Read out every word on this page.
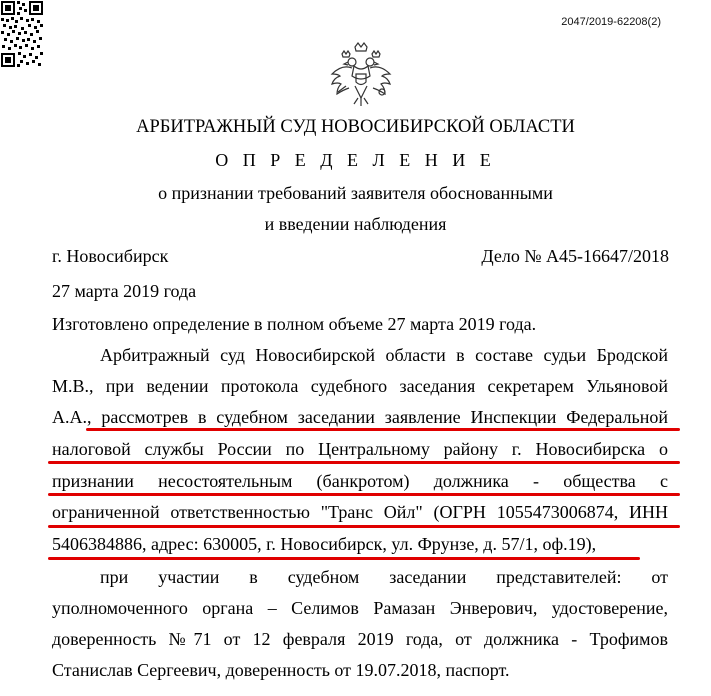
2047/2019-62208(2)
АРБИТРАЖНЫЙ СУД НОВОСИБИРСКОЙ ОБЛАСТИ
О П Р Е Д Е Л Е Н И Е
о признании требований заявителя обоснованными
и введении наблюдения
г. Новосибирск	Дело № А45-16647/2018
27 марта 2019 года
Изготовлено определение в полном объеме 27 марта 2019 года.
Арбитражный суд Новосибирской области в составе судьи Бродской
М.В., при ведении протокола судебного заседания секретарем Ульяновой
А.А., рассмотрев в судебном заседании заявление Инспекции Федеральной
налоговой службы России по Центральному району г. Новосибирска о
признании несостоятельным (банкротом) должника - общества с
ограниченной ответственностью "Транс Ойл" (ОГРН 1055473006874, ИНН
5406384886, адрес: 630005, г. Новосибирск, ул. Фрунзе, д. 57/1, оф.19),
при участии в судебном заседании представителей: от
уполномоченного органа – Селимов Рамазан Энверович, удостоверение,
доверенность №71 от 12 февраля 2019 года, от должника - Трофимов
Станислав Сергеевич, доверенность от 19.07.2018, паспорт.
